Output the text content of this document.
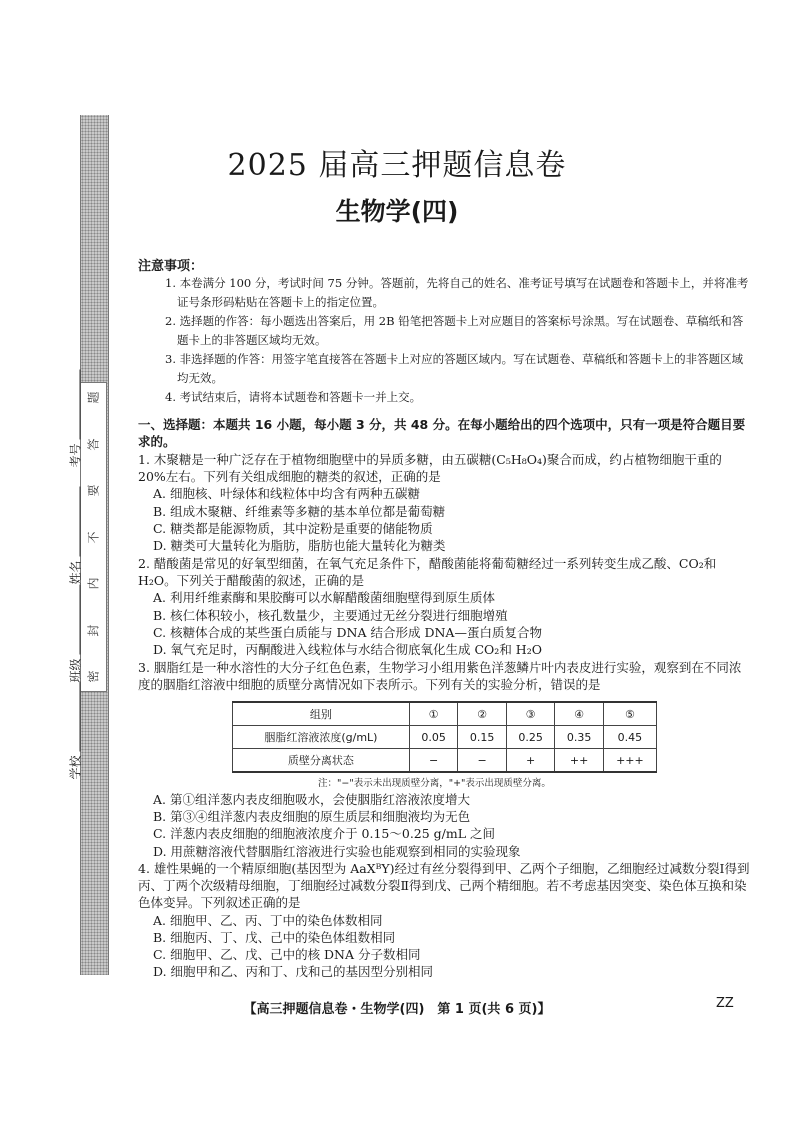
题
答
要
不
内
封
密
学校
班级
姓名
考号
2025 届高三押题信息卷
生物学(四)
注意事项：
1. 本卷满分 100 分，考试时间 75 分钟。答题前，先将自己的姓名、准考证号填写在试题卷和答题卡上，并将准考证号条形码粘贴在答题卡上的指定位置。
2. 选择题的作答：每小题选出答案后，用 2B 铅笔把答题卡上对应题目的答案标号涂黑。写在试题卷、草稿纸和答题卡上的非答题区域均无效。
3. 非选择题的作答：用签字笔直接答在答题卡上对应的答题区域内。写在试题卷、草稿纸和答题卡上的非答题区域均无效。
4. 考试结束后，请将本试题卷和答题卡一并上交。
一、选择题：本题共 16 小题，每小题 3 分，共 48 分。在每小题给出的四个选项中，只有一项是符合题目要求的。
1. 木聚糖是一种广泛存在于植物细胞壁中的异质多糖，由五碳糖(C₅H₈O₄)聚合而成，约占植物细胞干重的 20%左右。下列有关组成细胞的糖类的叙述，正确的是
A. 细胞核、叶绿体和线粒体中均含有两种五碳糖
B. 组成木聚糖、纤维素等多糖的基本单位都是葡萄糖
C. 糖类都是能源物质，其中淀粉是重要的储能物质
D. 糖类可大量转化为脂肪，脂肪也能大量转化为糖类
2. 醋酸菌是常见的好氧型细菌，在氧气充足条件下，醋酸菌能将葡萄糖经过一系列转变生成乙酸、CO₂和 H₂O。下列关于醋酸菌的叙述，正确的是
A. 利用纤维素酶和果胶酶可以水解醋酸菌细胞壁得到原生质体
B. 核仁体积较小，核孔数量少，主要通过无丝分裂进行细胞增殖
C. 核糖体合成的某些蛋白质能与 DNA 结合形成 DNA—蛋白质复合物
D. 氧气充足时，丙酮酸进入线粒体与水结合彻底氧化生成 CO₂和 H₂O
3. 胭脂红是一种水溶性的大分子红色色素，生物学习小组用紫色洋葱鳞片叶内表皮进行实验，观察到在不同浓度的胭脂红溶液中细胞的质壁分离情况如下表所示。下列有关的实验分析，错误的是
组别	①	②	③	④	⑤
胭脂红溶液浓度(g/mL)	0.05	0.15	0.25	0.35	0.45
质壁分离状态	−	−	+	++	+++
注："−"表示未出现质壁分离，"+"表示出现质壁分离。
A. 第①组洋葱内表皮细胞吸水，会使胭脂红溶液浓度增大
B. 第③④组洋葱内表皮细胞的原生质层和细胞液均为无色
C. 洋葱内表皮细胞的细胞液浓度介于 0.15～0.25 g/mL 之间
D. 用蔗糖溶液代替胭脂红溶液进行实验也能观察到相同的实验现象
4. 雄性果蝇的一个精原细胞(基因型为 AaXᴮY)经过有丝分裂得到甲、乙两个子细胞，乙细胞经过减数分裂Ⅰ得到丙、丁两个次级精母细胞，丁细胞经过减数分裂Ⅱ得到戊、己两个精细胞。若不考虑基因突变、染色体互换和染色体变异。下列叙述正确的是
A. 细胞甲、乙、丙、丁中的染色体数相同
B. 细胞丙、丁、戊、己中的染色体组数相同
C. 细胞甲、乙、戊、己中的核 DNA 分子数相同
D. 细胞甲和乙、丙和丁、戊和己的基因型分别相同
【高三押题信息卷・生物学(四)　第 1 页(共 6 页)】	ZZ
